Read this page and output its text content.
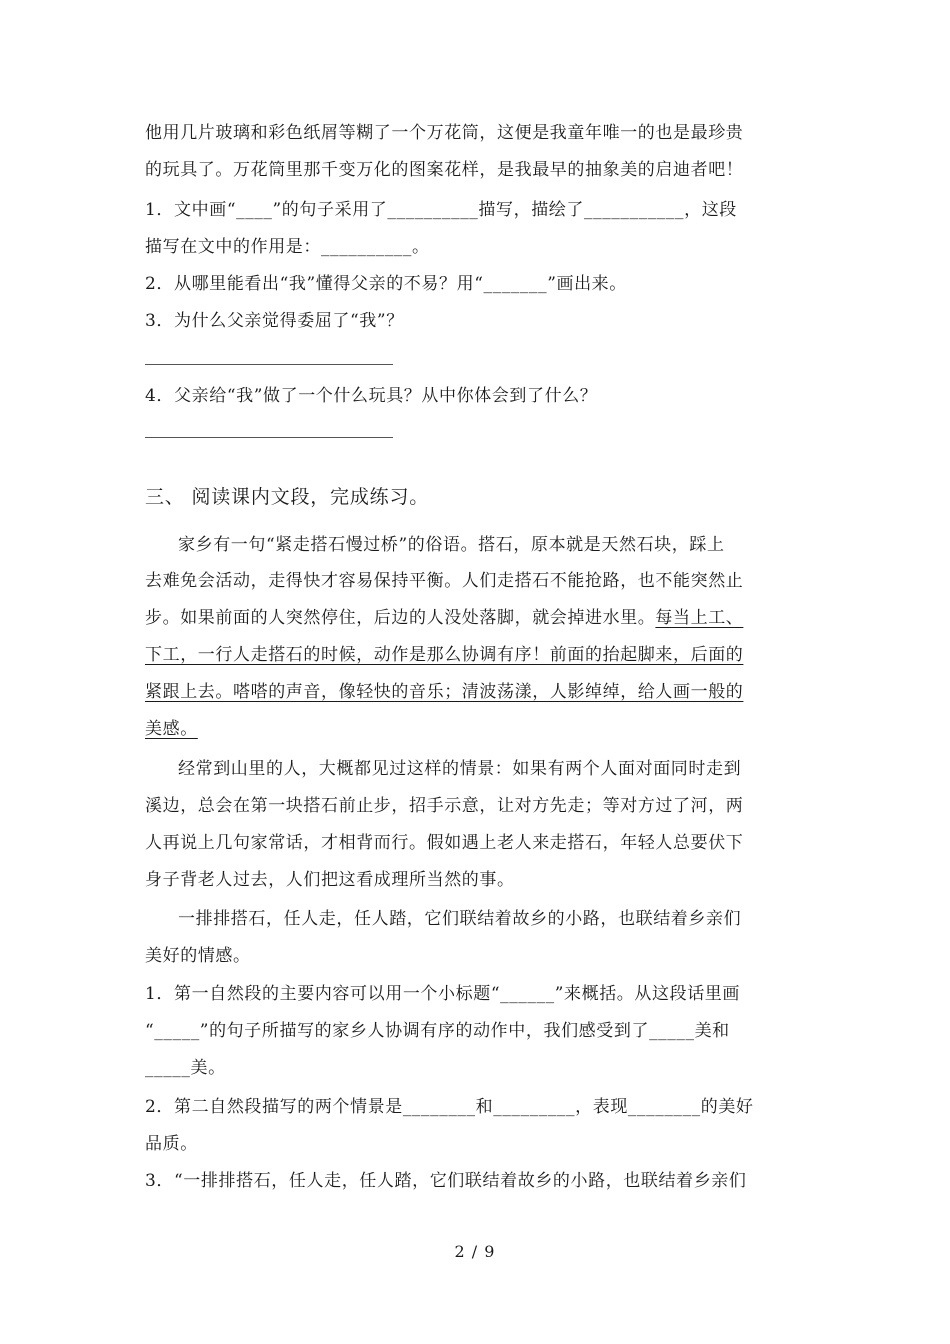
他用几片玻璃和彩色纸屑等糊了一个万花筒，这便是我童年唯一的也是最珍贵
的玩具了。万花筒里那千变万化的图案花样，是我最早的抽象美的启迪者吧！
1．文中画“____”的句子采用了__________描写，描绘了___________，这段
描写在文中的作用是：__________。
2．从哪里能看出“我”懂得父亲的不易？用“_______”画出来。
3．为什么父亲觉得委屈了“我”？
4．父亲给“我”做了一个什么玩具？从中你体会到了什么？
三、 阅读课内文段，完成练习。
家乡有一句“紧走搭石慢过桥”的俗语。搭石，原本就是天然石块，踩上
去难免会活动，走得快才容易保持平衡。人们走搭石不能抢路，也不能突然止
步。如果前面的人突然停住，后边的人没处落脚，就会掉进水里。每当上工、
下工，一行人走搭石的时候，动作是那么协调有序！前面的抬起脚来，后面的
紧跟上去。嗒嗒的声音，像轻快的音乐；清波荡漾，人影绰绰，给人画一般的
美感。
经常到山里的人，大概都见过这样的情景：如果有两个人面对面同时走到
溪边，总会在第一块搭石前止步，招手示意，让对方先走；等对方过了河，两
人再说上几句家常话，才相背而行。假如遇上老人来走搭石，年轻人总要伏下
身子背老人过去，人们把这看成理所当然的事。
一排排搭石，任人走，任人踏，它们联结着故乡的小路，也联结着乡亲们
美好的情感。
1．第一自然段的主要内容可以用一个小标题“______”来概括。从这段话里画
“_____”的句子所描写的家乡人协调有序的动作中，我们感受到了_____美和
_____美。
2．第二自然段描写的两个情景是________和_________，表现________的美好
品质。
3．“一排排搭石，任人走，任人踏，它们联结着故乡的小路，也联结着乡亲们
2 / 9
